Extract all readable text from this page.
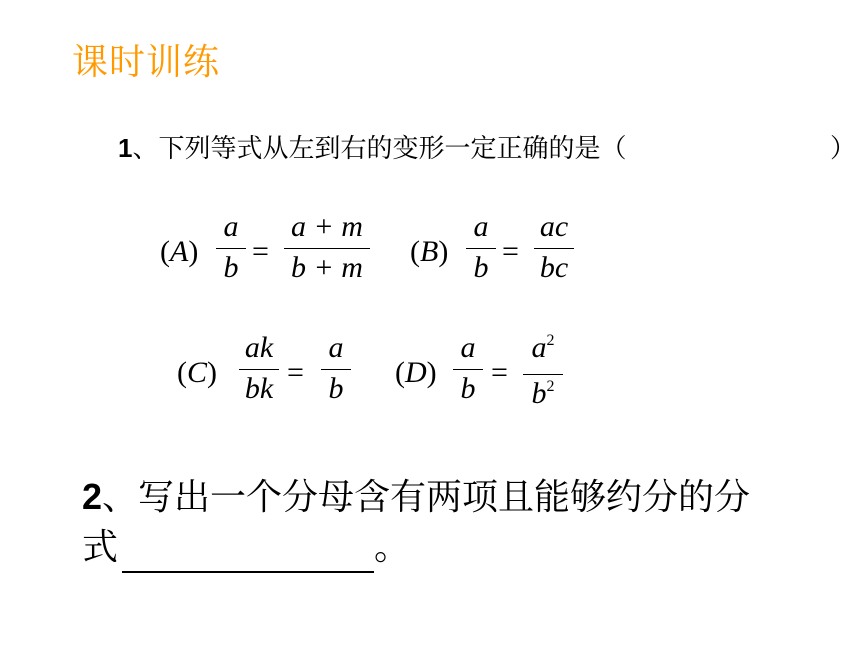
课时训练
1、下列等式从左到右的变形一定正确的是（	）
(A)
a
b =
a + m
b + m (B)
a
b =
ac
bc
(C)
ak
bk =
a
b (D)
a
b =
$a^2$
$b^2$
2、写出一个分母含有两项且能够约分的分
式	。
